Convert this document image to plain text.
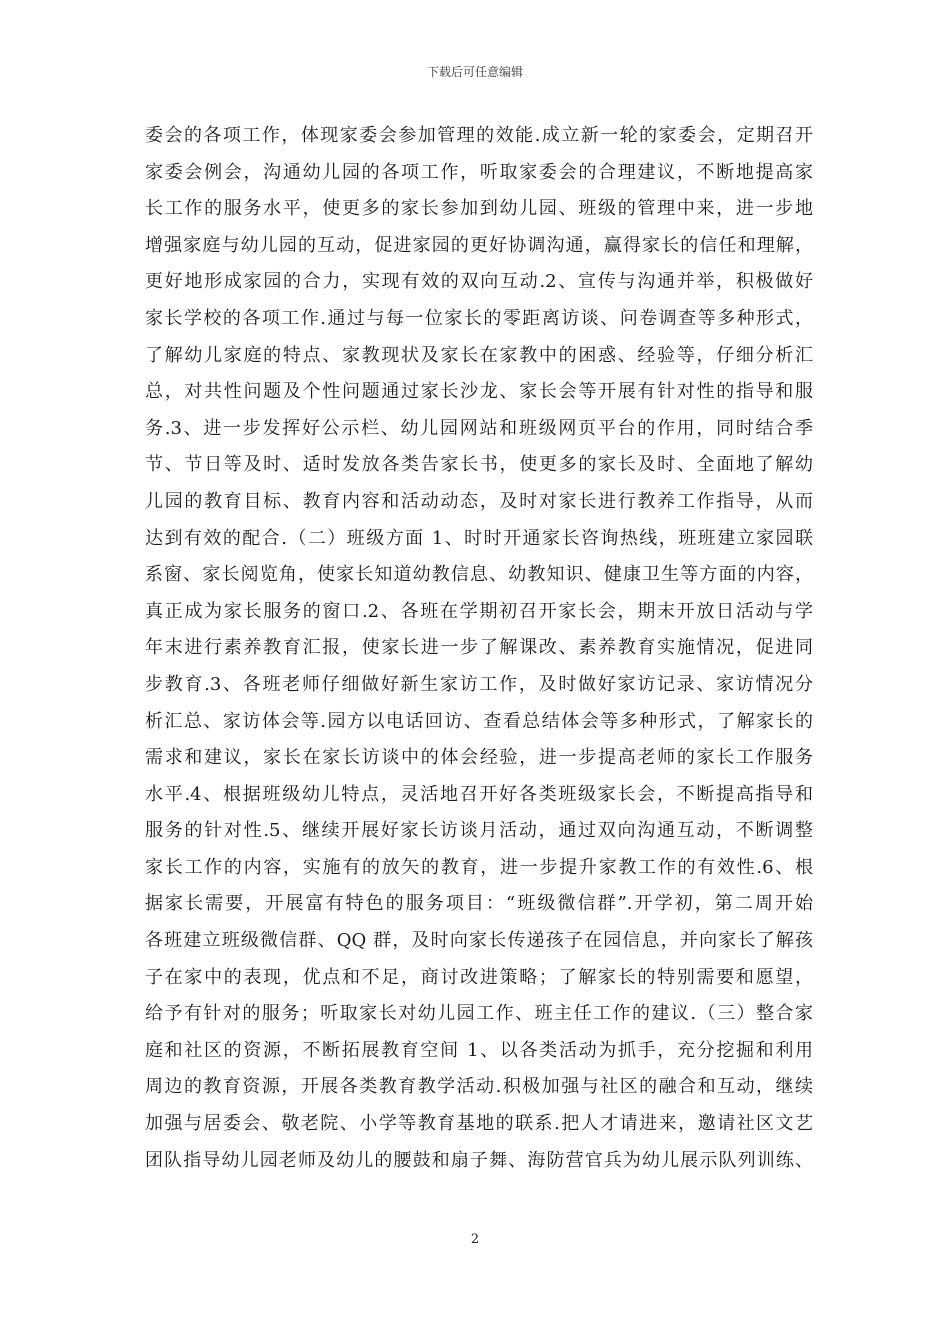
下载后可任意编辑
委会的各项工作，体现家委会参加管理的效能.成立新一轮的家委会，定期召开
家委会例会，沟通幼儿园的各项工作，听取家委会的合理建议，不断地提高家
长工作的服务水平，使更多的家长参加到幼儿园、班级的管理中来，进一步地
增强家庭与幼儿园的互动，促进家园的更好协调沟通，赢得家长的信任和理解，
更好地形成家园的合力，实现有效的双向互动.2、宣传与沟通并举，积极做好
家长学校的各项工作.通过与每一位家长的零距离访谈、问卷调查等多种形式，
了解幼儿家庭的特点、家教现状及家长在家教中的困惑、经验等，仔细分析汇
总，对共性问题及个性问题通过家长沙龙、家长会等开展有针对性的指导和服
务.3、进一步发挥好公示栏、幼儿园网站和班级网页平台的作用，同时结合季
节、节日等及时、适时发放各类告家长书，使更多的家长及时、全面地了解幼
儿园的教育目标、教育内容和活动动态，及时对家长进行教养工作指导，从而
达到有效的配合.（二）班级方面 1、时时开通家长咨询热线，班班建立家园联
系窗、家长阅览角，使家长知道幼教信息、幼教知识、健康卫生等方面的内容，
真正成为家长服务的窗口.2、各班在学期初召开家长会，期末开放日活动与学
年末进行素养教育汇报，使家长进一步了解课改、素养教育实施情况，促进同
步教育.3、各班老师仔细做好新生家访工作，及时做好家访记录、家访情况分
析汇总、家访体会等.园方以电话回访、查看总结体会等多种形式，了解家长的
需求和建议，家长在家长访谈中的体会经验，进一步提高老师的家长工作服务
水平.4、根据班级幼儿特点，灵活地召开好各类班级家长会，不断提高指导和
服务的针对性.5、继续开展好家长访谈月活动，通过双向沟通互动，不断调整
家长工作的内容，实施有的放矢的教育，进一步提升家教工作的有效性.6、根
据家长需要，开展富有特色的服务项目：“班级微信群”.开学初，第二周开始
各班建立班级微信群、QQ 群，及时向家长传递孩子在园信息，并向家长了解孩
子在家中的表现，优点和不足，商讨改进策略；了解家长的特别需要和愿望，
给予有针对的服务；听取家长对幼儿园工作、班主任工作的建议.（三）整合家
庭和社区的资源，不断拓展教育空间 1、以各类活动为抓手，充分挖掘和利用
周边的教育资源，开展各类教育教学活动.积极加强与社区的融合和互动，继续
加强与居委会、敬老院、小学等教育基地的联系.把人才请进来，邀请社区文艺
团队指导幼儿园老师及幼儿的腰鼓和扇子舞、海防营官兵为幼儿展示队列训练、
2
